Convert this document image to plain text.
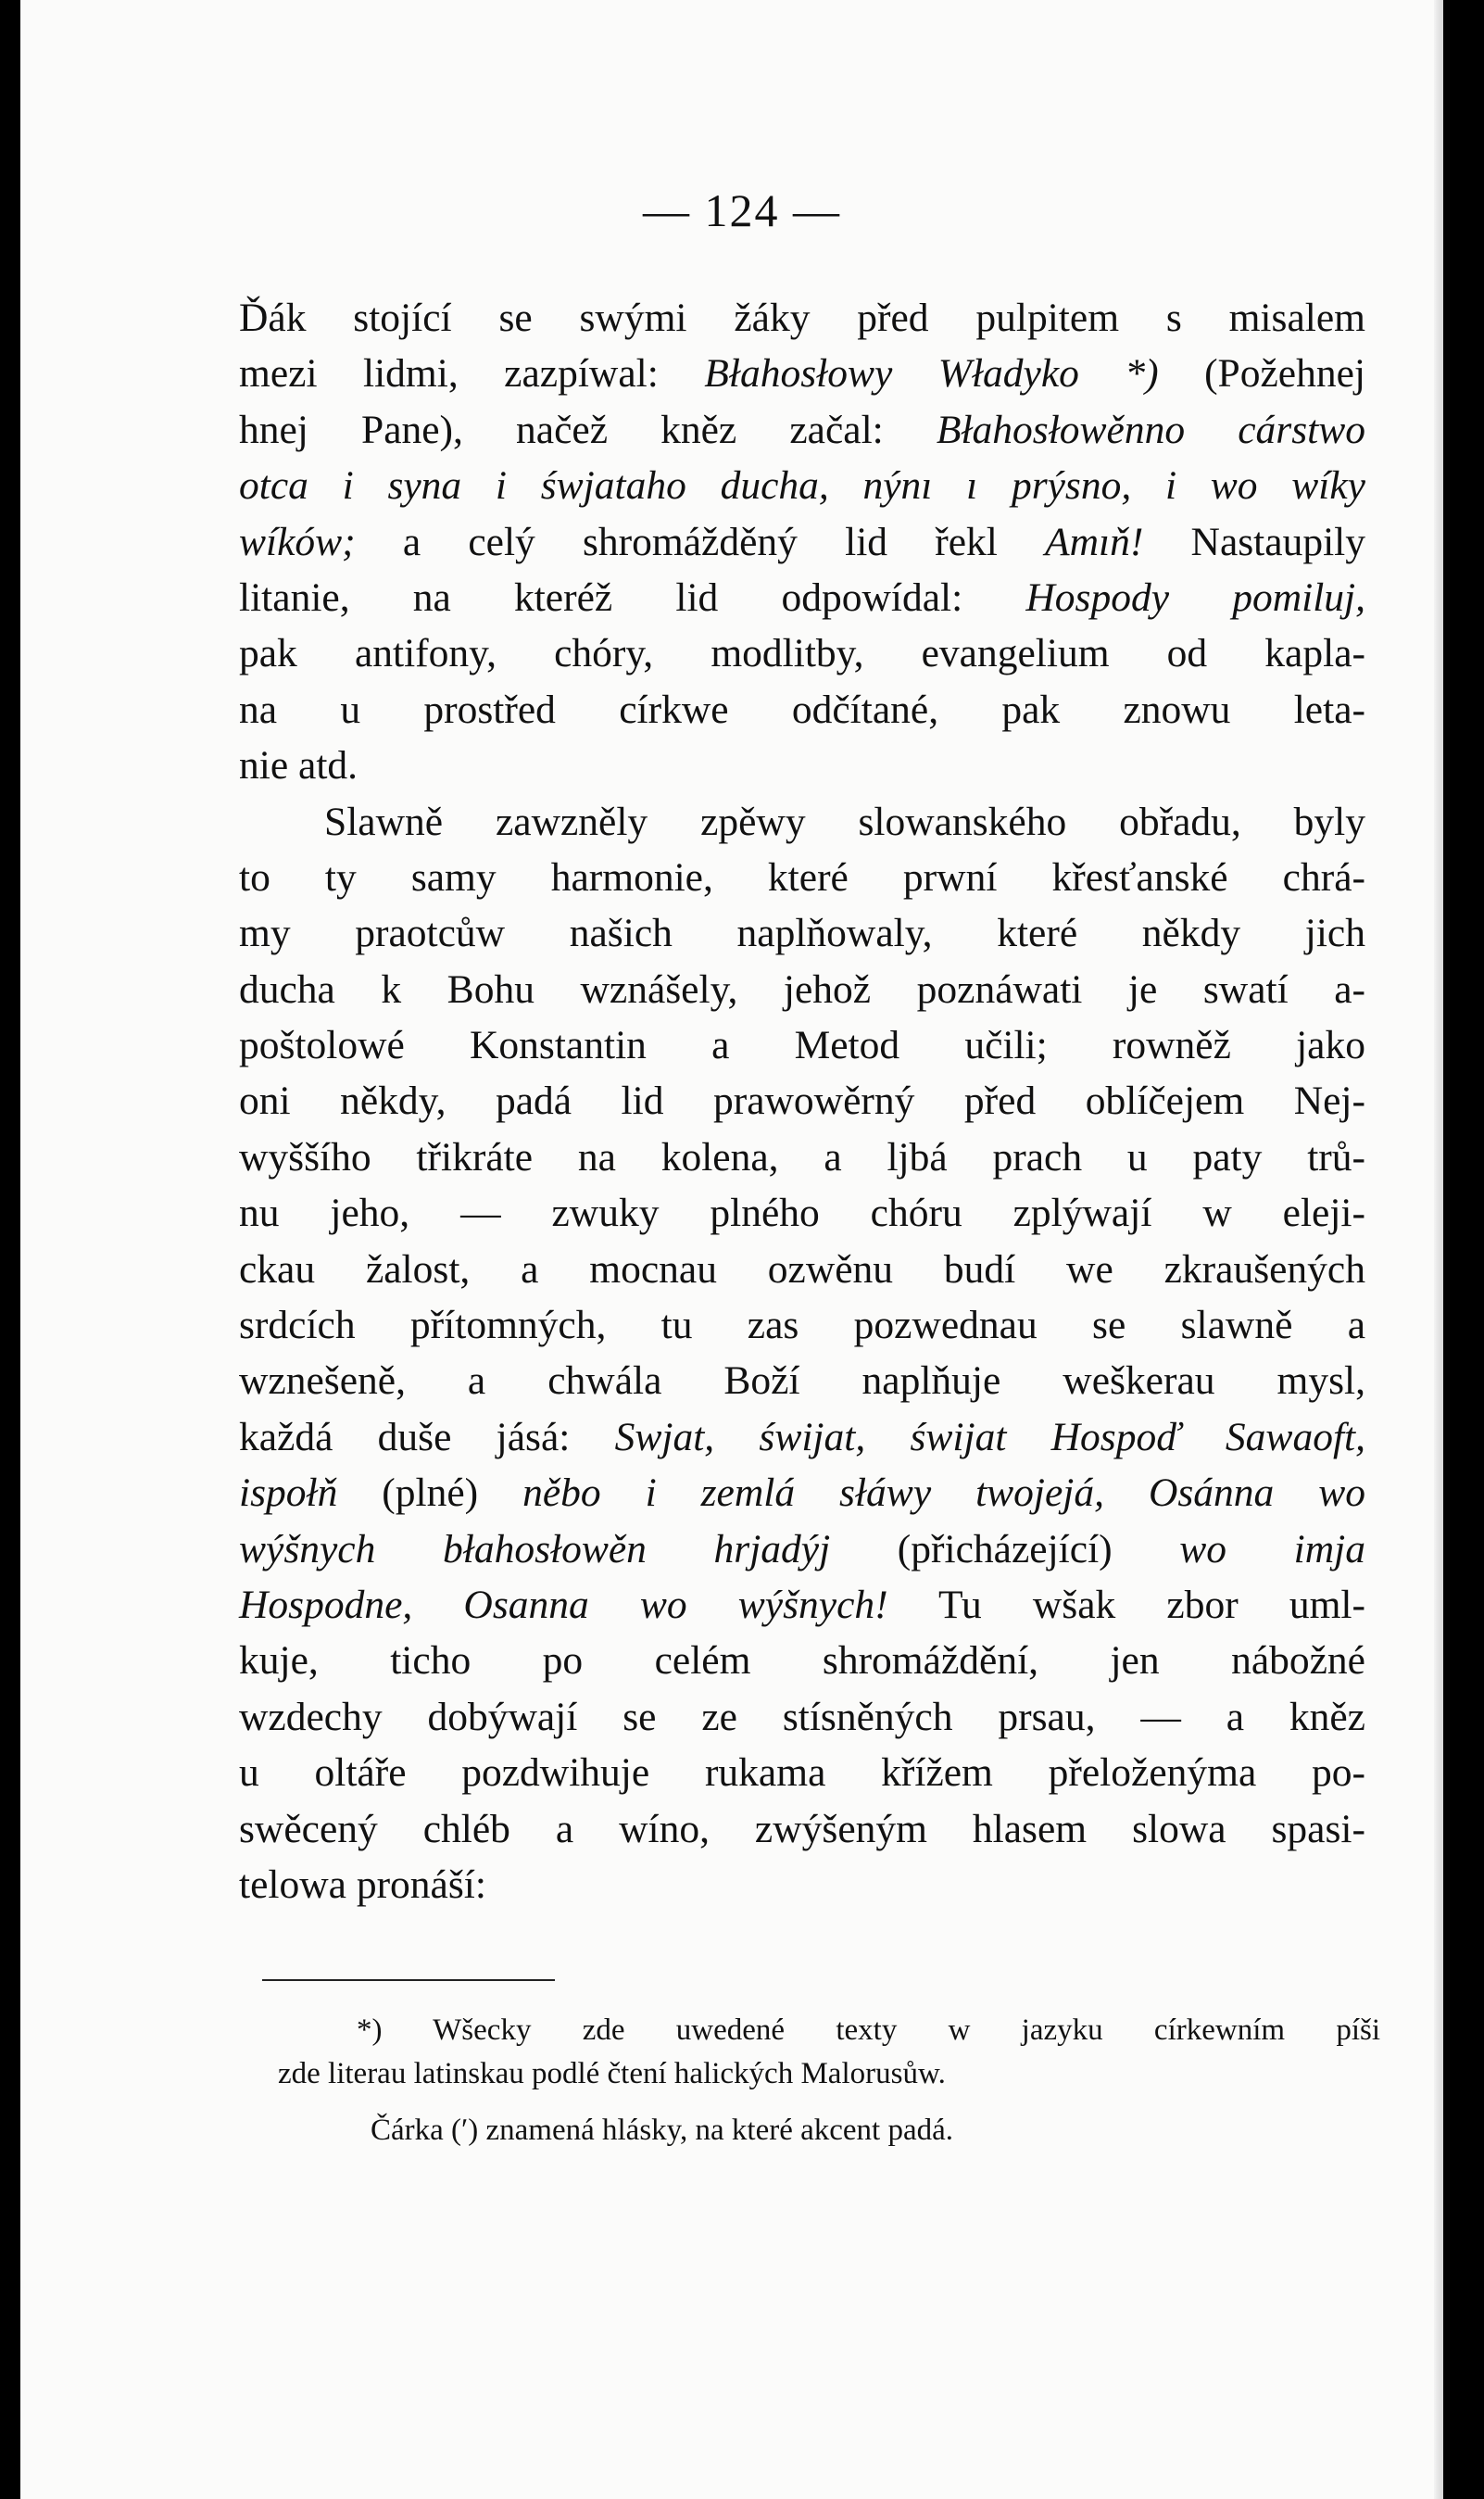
— 124 —
Ďák stojící se swými žáky před pulpitem s misalem
mezi lidmi, zazpíwal: Błahosłowy Władyko *) (Požehnej
hnej Pane), načež kněz začal: Błahosłowěnno cárstwo
otca i syna i śwjataho ducha, nýnı ı prýsno, i wo wíky
wíków; a celý shromážděný lid řekl Amıň! Nastaupily
litanie, na kteréž lid odpowídal: Hospody pomiluj,
pak antifony, chóry, modlitby, evangelium od kapla-
na u prostřed církwe odčítané, pak znowu leta-
nie atd.
Slawně zawzněly zpěwy slowanského obřadu, byly
to ty samy harmonie, které prwní křesťanské chrá-
my praotcůw našich naplňowaly, které někdy jich
ducha k Bohu wznášely, jehož poznáwati je swatí a-
poštolowé Konstantin a Metod učili; rowněž jako
oni někdy, padá lid prawowěrný před oblíčejem Nej-
wyššího třikráte na kolena, a ljbá prach u paty trů-
nu jeho, — zwuky plného chóru zplýwají w eleji-
ckau žalost, a mocnau ozwěnu budí we zkraušených
srdcích přítomných, tu zas pozwednau se slawně a
wznešeně, a chwála Boží naplňuje weškerau mysl,
každá duše jásá: Swjat, świjat, świjat Hospoď Sawaoft,
ispołň (plné) něbo i zemlá słáwy twojejá, Osánna wo
wýšnych błahosłowěn hrjadýj (přicházející) wo imja
Hospodne, Osanna wo wýšnych! Tu wšak zbor uml-
kuje, ticho po celém shromáždění, jen nábožné
wzdechy dobýwají se ze stísněných prsau, — a kněz
u oltáře pozdwihuje rukama křížem přeloženýma po-
swěcený chléb a wíno, zwýšeným hlasem slowa spasi-
telowa pronáší:
*) Wšecky zde uwedené texty w jazyku církewním píši
zde literau latinskau podlé čtení halických Malorusůw.
Čárka (ʹ) znamená hlásky, na které akcent padá.
